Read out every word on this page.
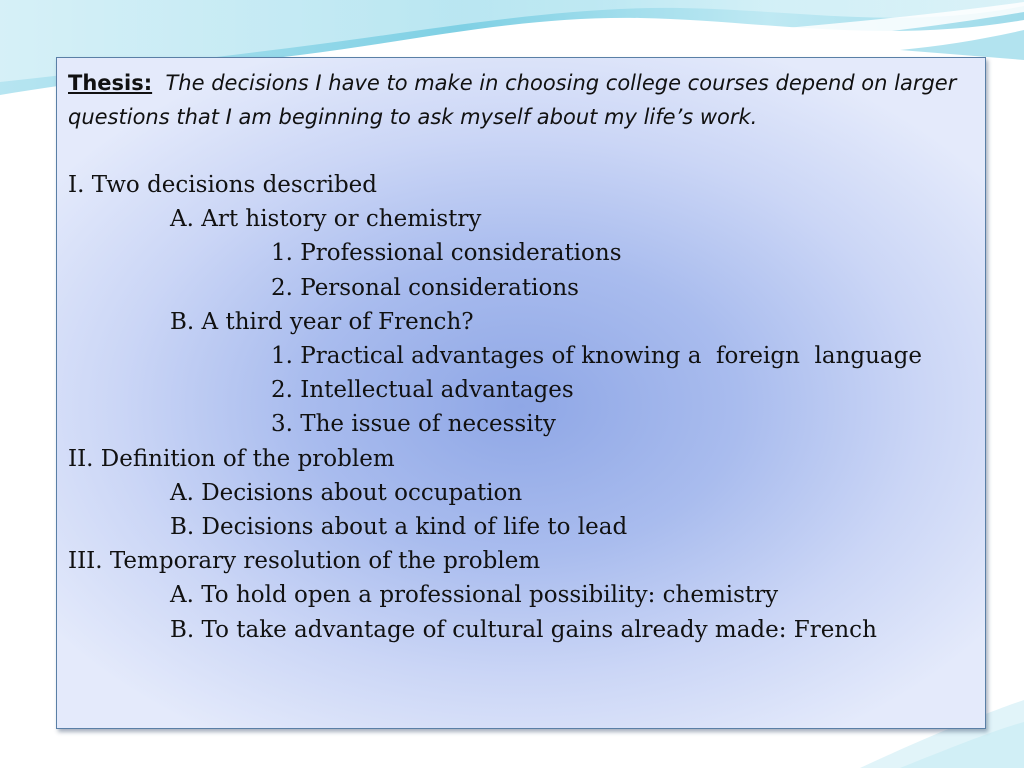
Thesis: The decisions I have to make in choosing college courses depend on larger questions that I am beginning to ask myself about my life’s work.

I. Two decisions described
A. Art history or chemistry
1. Professional considerations
2. Personal considerations
B. A third year of French?
1. Practical advantages of knowing a  foreign  language
2. Intellectual advantages
3. The issue of necessity
II. Definition of the problem
A. Decisions about occupation
B. Decisions about a kind of life to lead
III. Temporary resolution of the problem
A. To hold open a professional possibility: chemistry
B. To take advantage of cultural gains already made: French
